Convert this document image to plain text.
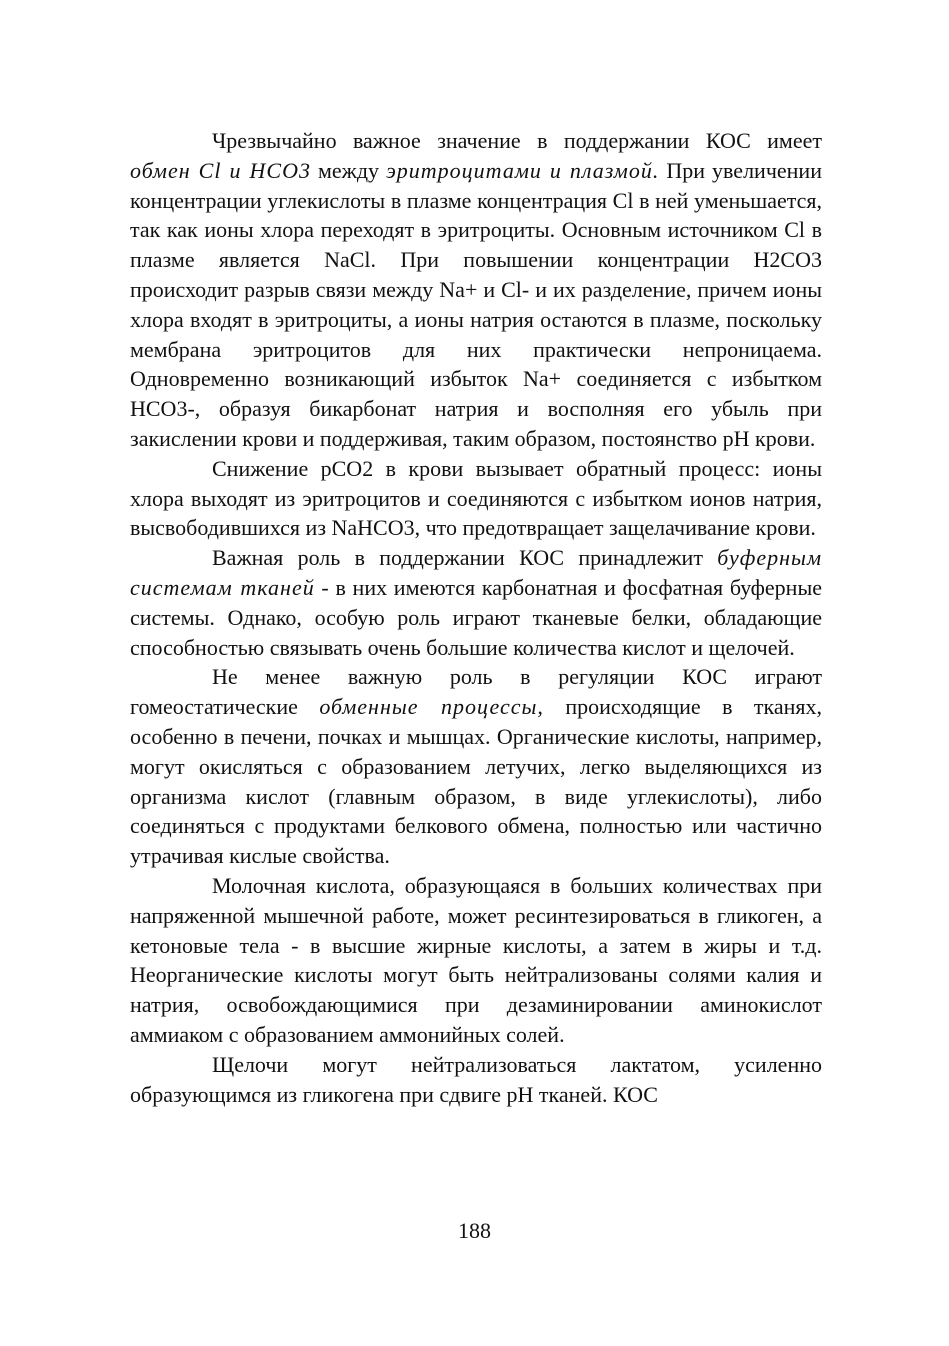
Чрезвычайно важное значение в поддержании КОС имеет обмен Cl и HCO3 между эритроцитами и плазмой. При увеличении концентрации углекислоты в плазме концентрация Cl в ней уменьшается, так как ионы хлора переходят в эритроциты. Основным источником Cl в плазме является NaCl. При повышении концентрации H2CO3 происходит разрыв связи между Na+ и Cl- и их разделение, причем ионы хлора входят в эритроциты, а ионы натрия остаются в плазме, поскольку мембрана эритроцитов для них практически непроницаема. Одновременно возникающий избыток Na+ соединяется с избытком HCO3-, образуя бикарбонат натрия и восполняя его убыль при закислении крови и поддерживая, таким образом, постоянство pH крови.

Снижение pCO2 в крови вызывает обратный процесс: ионы хлора выходят из эритроцитов и соединяются с избытком ионов натрия, высвободившихся из NaHCO3, что предотвращает защелачивание крови.

Важная роль в поддержании КОС принадлежит буферным системам тканей - в них имеются карбонатная и фосфатная буферные системы. Однако, особую роль играют тканевые белки, обладающие способностью связывать очень большие количества кислот и щелочей.

Не менее важную роль в регуляции КОС играют гомеостатические обменные процессы, происходящие в тканях, особенно в печени, почках и мышцах. Органические кислоты, например, могут окисляться с образованием летучих, легко выделяющихся из организма кислот (главным образом, в виде углекислоты), либо соединяться с продуктами белкового обмена, полностью или частично утрачивая кислые свойства.

Молочная кислота, образующаяся в больших количествах при напряженной мышечной работе, может ресинтезироваться в гликоген, а кетоновые тела - в высшие жирные кислоты, а затем в жиры и т.д. Неорганические кислоты могут быть нейтрализованы солями калия и натрия, освобождающимися при дезаминировании аминокислот аммиаком с образованием аммонийных солей.

Щелочи могут нейтрализоваться лактатом, усиленно образующимся из гликогена при сдвиге pH тканей. КОС

188
